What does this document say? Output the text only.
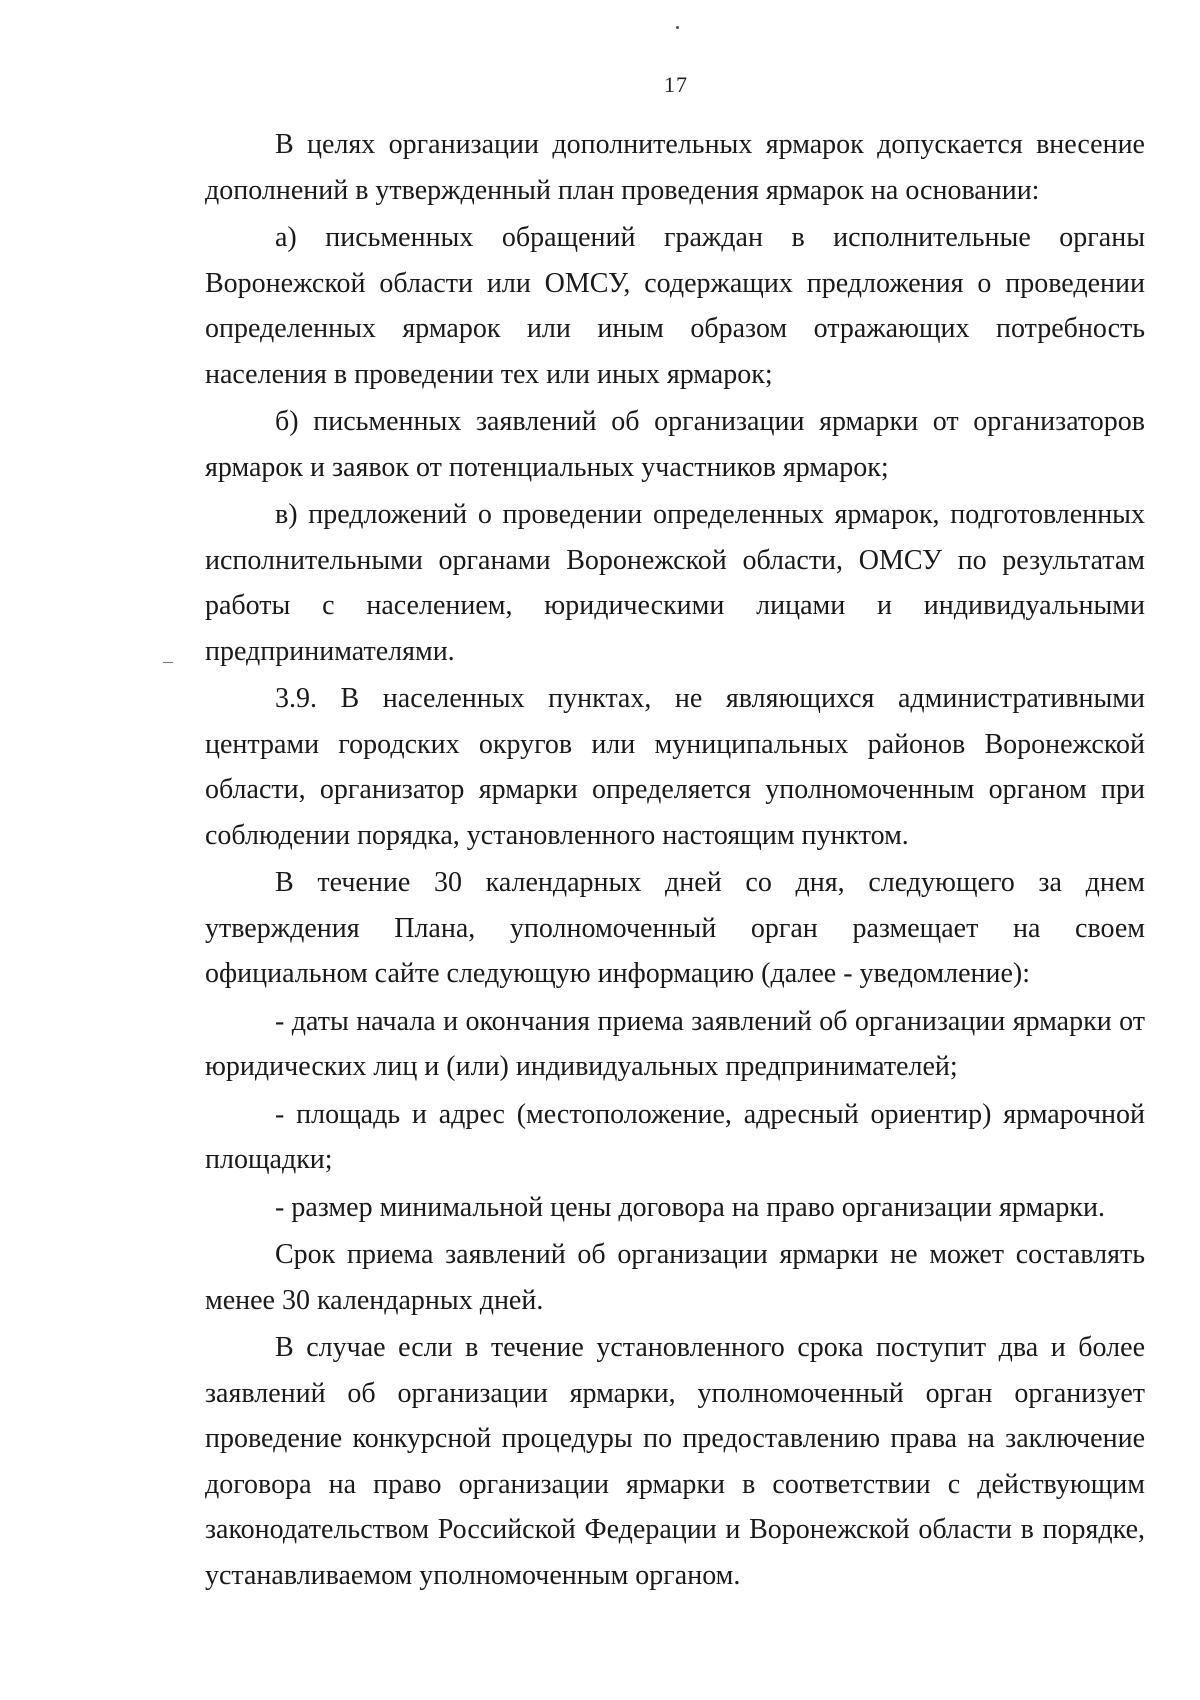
17

В целях организации дополнительных ярмарок допускается внесение дополнений в утвержденный план проведения ярмарок на основании:

а) письменных обращений граждан в исполнительные органы Воронежской области или ОМСУ, содержащих предложения о проведении определенных ярмарок или иным образом отражающих потребность населения в проведении тех или иных ярмарок;

б) письменных заявлений об организации ярмарки от организаторов ярмарок и заявок от потенциальных участников ярмарок;

в) предложений о проведении определенных ярмарок, подготовленных исполнительными органами Воронежской области, ОМСУ по результатам работы с населением, юридическими лицами и индивидуальными предпринимателями.

3.9. В населенных пунктах, не являющихся административными центрами городских округов или муниципальных районов Воронежской области, организатор ярмарки определяется уполномоченным органом при соблюдении порядка, установленного настоящим пунктом.

В течение 30 календарных дней со дня, следующего за днем утверждения Плана, уполномоченный орган размещает на своем официальном сайте следующую информацию (далее - уведомление):

- даты начала и окончания приема заявлений об организации ярмарки от юридических лиц и (или) индивидуальных предпринимателей;

- площадь и адрес (местоположение, адресный ориентир) ярмарочной площадки;

- размер минимальной цены договора на право организации ярмарки.

Срок приема заявлений об организации ярмарки не может составлять менее 30 календарных дней.

В случае если в течение установленного срока поступит два и более заявлений об организации ярмарки, уполномоченный орган организует проведение конкурсной процедуры по предоставлению права на заключение договора на право организации ярмарки в соответствии с действующим законодательством Российской Федерации и Воронежской области в порядке, устанавливаемом уполномоченным органом.
